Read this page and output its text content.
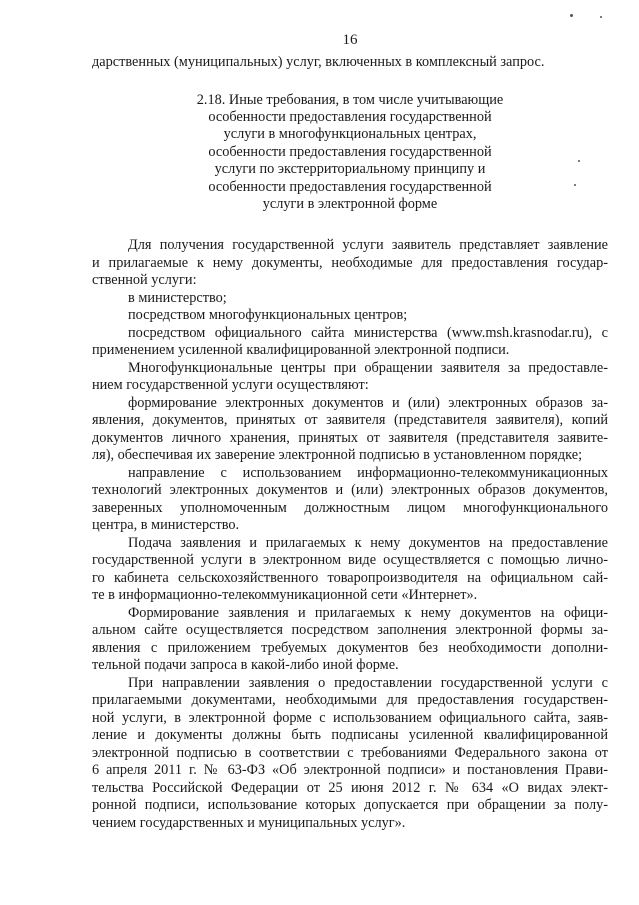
16

дарственных (муниципальных) услуг, включенных в комплексный запрос.

2.18. Иные требования, в том числе учитывающие

особенности предоставления государственной

услуги в многофункциональных центрах,

особенности предоставления государственной

услуги по экстерриториальному принципу и

особенности предоставления государственной

услуги в электронной форме

Для получения государственной услуги заявитель представляет заявление

и прилагаемые к нему документы, необходимые для предоставления государ-

ственной услуги:

в министерство;

посредством многофункциональных центров;

посредством официального сайта министерства (www.msh.krasnodar.ru), с

применением усиленной квалифицированной электронной подписи.

Многофункциональные центры при обращении заявителя за предоставле-

нием государственной услуги осуществляют:

формирование электронных документов и (или) электронных образов за-

явления, документов, принятых от заявителя (представителя заявителя), копий

документов личного хранения, принятых от заявителя (представителя заявите-

ля), обеспечивая их заверение электронной подписью в установленном порядке;

направление с использованием информационно-телекоммуникационных

технологий электронных документов и (или) электронных образов документов,

заверенных уполномоченным должностным лицом многофункционального

центра, в министерство.

Подача заявления и прилагаемых к нему документов на предоставление

государственной услуги в электронном виде осуществляется с помощью лично-

го кабинета сельскохозяйственного товаропроизводителя на официальном сай-

те в информационно-телекоммуникационной сети «Интернет».

Формирование заявления и прилагаемых к нему документов на офици-

альном сайте осуществляется посредством заполнения электронной формы за-

явления с приложением требуемых документов без необходимости дополни-

тельной подачи запроса в какой-либо иной форме.

При направлении заявления о предоставлении государственной услуги с

прилагаемыми документами, необходимыми для предоставления государствен-

ной услуги, в электронной форме с использованием официального сайта, заяв-

ление и документы должны быть подписаны усиленной квалифицированной

электронной подписью в соответствии с требованиями Федерального закона от

6 апреля 2011 г. № 63-ФЗ «Об электронной подписи» и постановления Прави-

тельства Российской Федерации от 25 июня 2012 г. № 634 «О видах элект-

ронной подписи, использование которых допускается при обращении за полу-

чением государственных и муниципальных услуг».
